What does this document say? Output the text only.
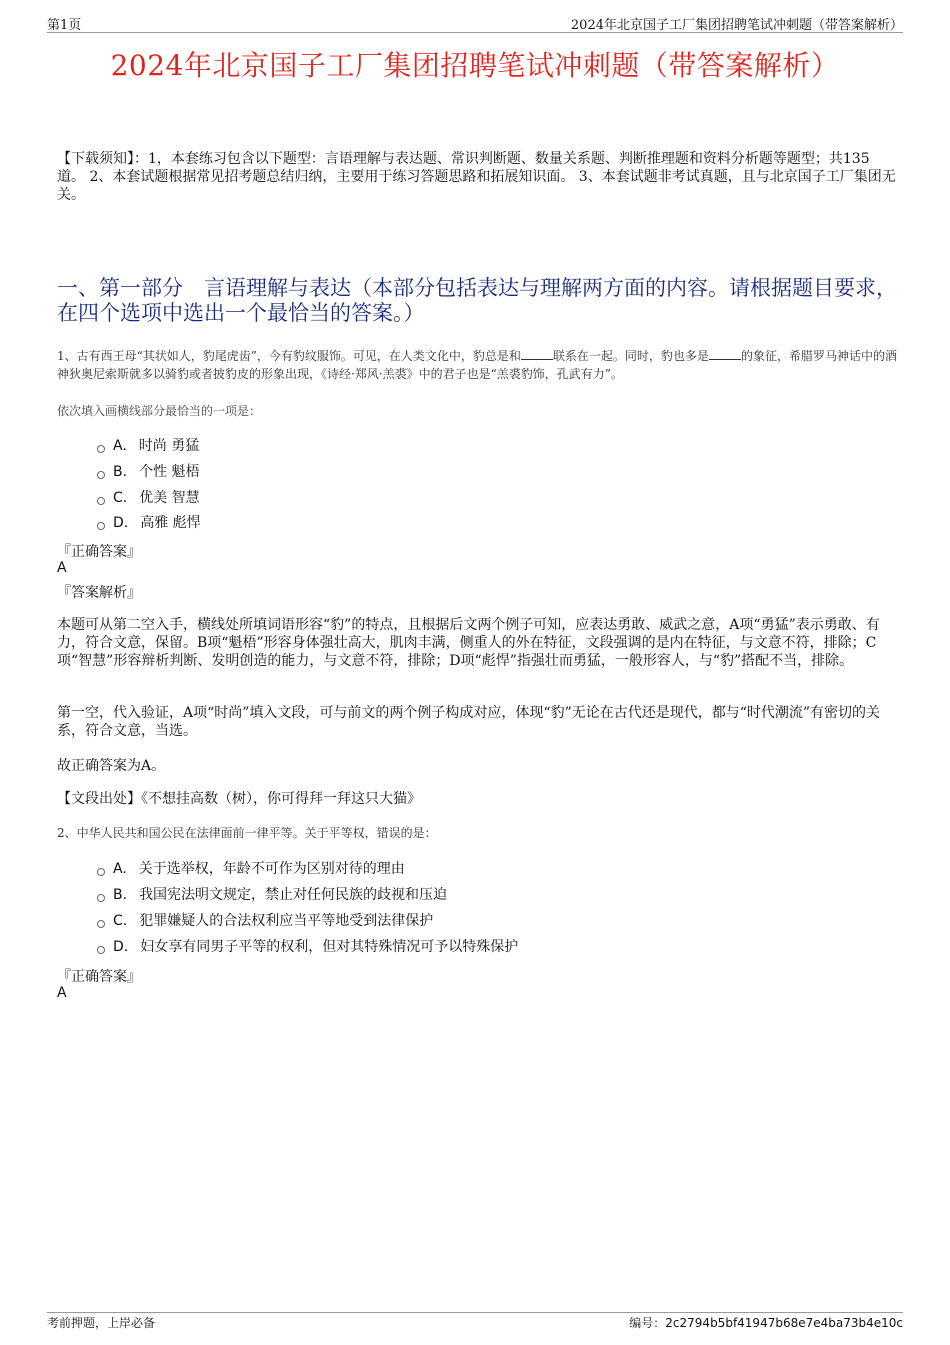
第1页	2024年北京国子工厂集团招聘笔试冲刺题（带答案解析）
2024年北京国子工厂集团招聘笔试冲刺题（带答案解析）
【下载须知】：1，本套练习包含以下题型：言语理解与表达题、常识判断题、数量关系题、判断推理题和资料分析题等题型；共135道。 2、本套试题根据常见招考题总结归纳，主要用于练习答题思路和拓展知识面。 3、本套试题非考试真题，且与北京国子工厂集团无关。
一、第一部分　言语理解与表达（本部分包括表达与理解两方面的内容。请根据题目要求，在四个选项中选出一个最恰当的答案。）
1、古有西王母“其状如人，豹尾虎齿”，今有豹纹服饰。可见，在人类文化中，豹总是和	联系在一起。同时，豹也多是	的象征，希腊罗马神话中的酒神狄奥尼索斯就多以骑豹或者披豹皮的形象出现，《诗经·郑风·羔裘》中的君子也是“羔裘豹饰，孔武有力”。
依次填入画横线部分最恰当的一项是：
A. 时尚 勇猛
B. 个性 魁梧
C. 优美 智慧
D. 高雅 彪悍
『正确答案』
A
『答案解析』
本题可从第二空入手，横线处所填词语形容“豹”的特点，且根据后文两个例子可知，应表达勇敢、威武之意，A项“勇猛”表示勇敢、有力，符合文意，保留。B项“魁梧”形容身体强壮高大，肌肉丰满，侧重人的外在特征，文段强调的是内在特征，与文意不符，排除；C项“智慧”形容辩析判断、发明创造的能力，与文意不符，排除；D项“彪悍”指强壮而勇猛，一般形容人，与“豹”搭配不当，排除。
第一空，代入验证，A项“时尚”填入文段，可与前文的两个例子构成对应，体现“豹”无论在古代还是现代，都与“时代潮流”有密切的关系，符合文意，当选。
故正确答案为A。
【文段出处】《不想挂高数（树），你可得拜一拜这只大猫》
2、中华人民共和国公民在法律面前一律平等。关于平等权，错误的是：
A. 关于选举权，年龄不可作为区别对待的理由
B. 我国宪法明文规定，禁止对任何民族的歧视和压迫
C. 犯罪嫌疑人的合法权利应当平等地受到法律保护
D. 妇女享有同男子平等的权利，但对其特殊情况可予以特殊保护
『正确答案』
A
考前押题，上岸必备	编号：2c2794b5bf41947b68e7e4ba73b4e10c
